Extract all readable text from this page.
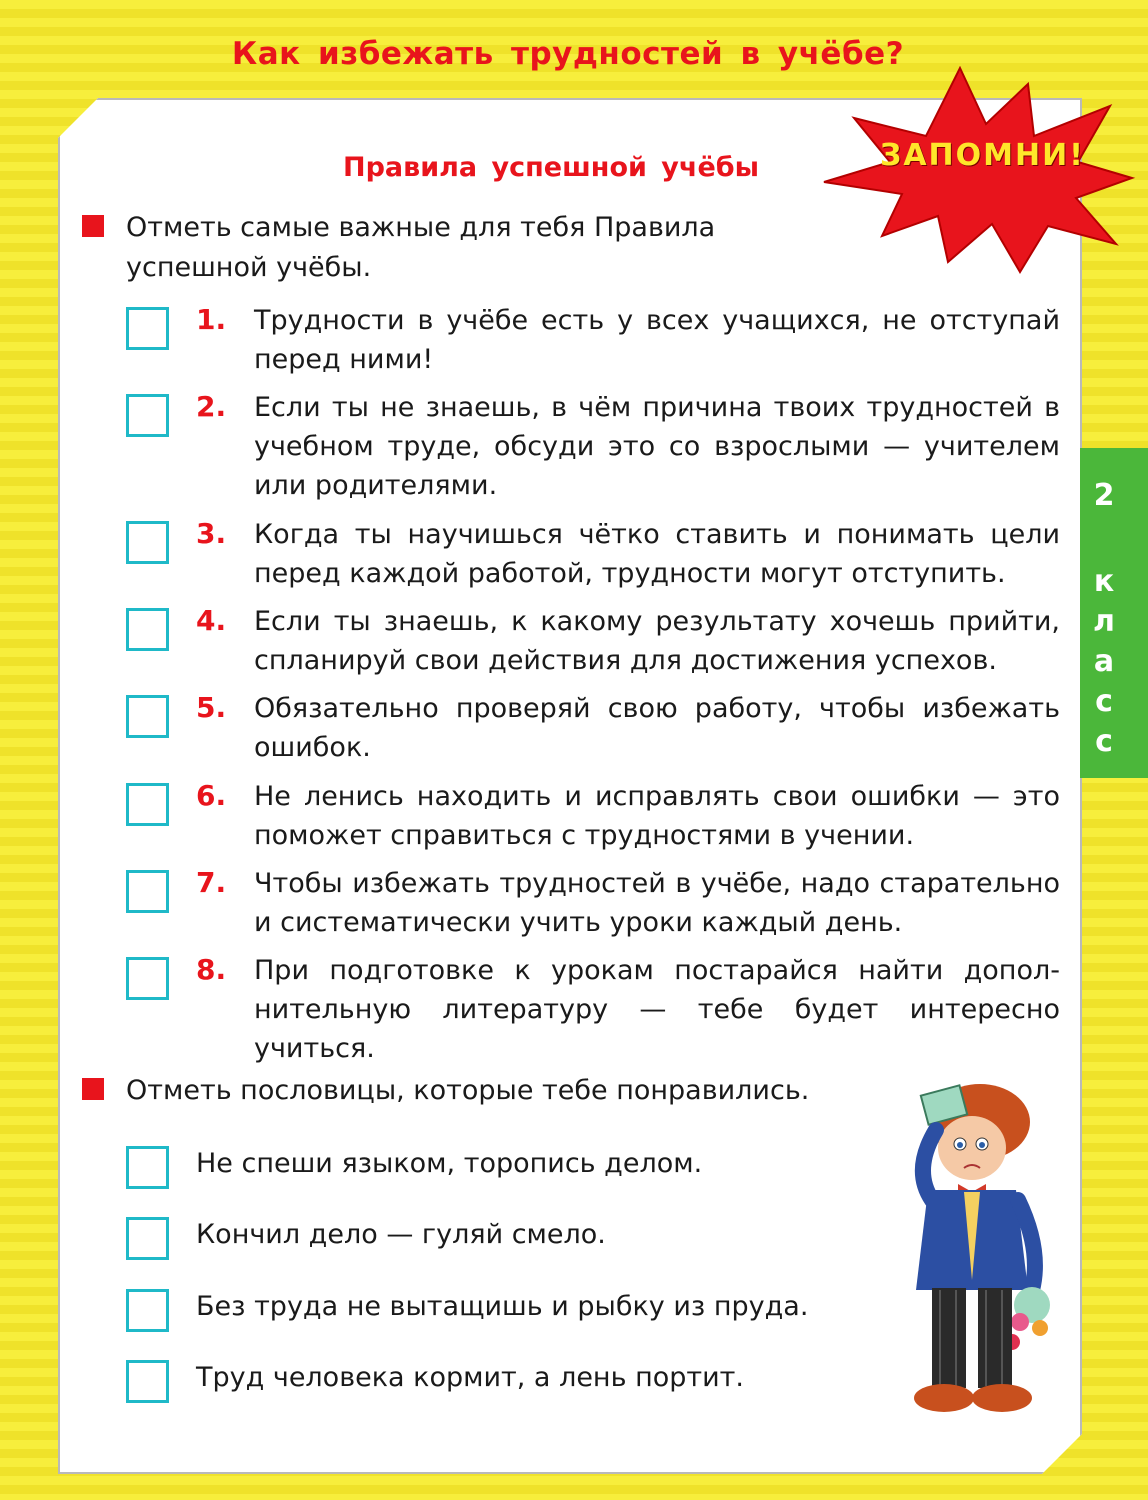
Как избежать трудностей в учёбе?
ЗАПОМНИ!
Правила успешной учёбы
Отметь самые важные для тебя Правила
успешной учёбы.
1.	Трудности в учёбе есть у всех учащихся, не отступай перед ними!
2.	Если ты не знаешь, в чём причина твоих трудностей в учебном труде, обсуди это со взрослыми — учителем или родителями.
3.	Когда ты научишься чётко ставить и понимать цели перед каждой работой, трудности могут отступить.
4.	Если ты знаешь, к какому результату хочешь прийти, спланируй свои действия для достижения успехов.
5.	Обязательно проверяй свою работу, чтобы избежать ошибок.
6.	Не ленись находить и исправлять свои ошибки — это поможет справиться с трудностями в учении.
7.	Чтобы избежать трудностей в учёбе, надо старательно и систематически учить уроки каждый день.
8.	При подготовке к урокам постарайся найти дополнительную литературу — тебе будет интересно учиться.
Отметь пословицы, которые тебе понравились.
Не спеши языком, торопись делом.
Кончил дело — гуляй смело.
Без труда не вытащишь и рыбку из пруда.
Труд человека кормит, а лень портит.
2
к
л
а
с
с
